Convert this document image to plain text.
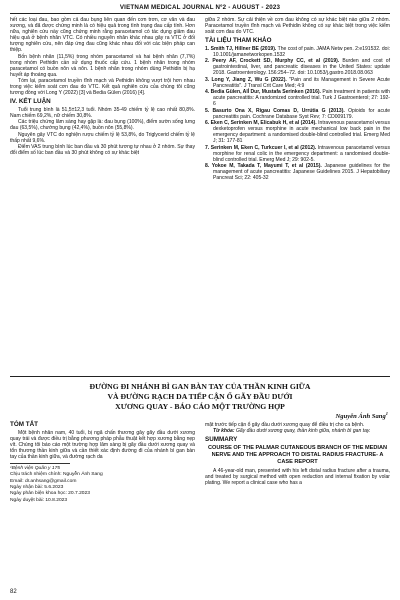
VIETNAM MEDICAL JOURNAL Nº2 - AUGUST - 2023

hết các loại đau, bao gồm cả đau bụng liên quan đến cơn trơn, cơ vân và đau xương, và đã được chứng minh là có hiệu quả trong tình trạng đau cấp tính. Hơn nữa, nghiên cứu này cũng chứng minh rằng paracetamol có tác dụng giảm đau hiệu quả ở bệnh nhân VTC. Có nhiều nguyên nhân khác nhau gây ra VTC ở đối tượng nghiên cứu, nên đáp ứng đau cũng khác nhau đối với các biện pháp can thiệp.

Bốn bệnh nhân (11,5%) trong nhóm paracetamol và hai bệnh nhân (7,7%) trong nhóm Pethidin cần sử dụng thuốc cấp cứu. 1 bệnh nhân trong nhóm paracetamol có buồn nôn và nôn. 1 bệnh nhân trong nhóm dùng Pethidin bị hạ huyết áp thoáng qua.

Tóm lại, paracetamol truyền tĩnh mạch và Pethidin không vượt trội hơn nhau trong việc kiểm soát cơn đau do VTC. Kết quả nghiên cứu của chúng tôi cũng tương đồng với Long Y (2022) [3] và Bedia Gülen (2016) [4].

IV. KẾT LUẬN

Tuổi trung bình là 51,5±12,3 tuổi. Nhóm 35-49 chiếm tỷ lệ cao nhất 80,8%. Nam chiếm 69,2%, nữ chiếm 30,8%.

Các triệu chứng lâm sàng hay gặp là: đau bụng (100%), điểm sườn sống lưng đau (63,5%), chướng bụng (42,4%), buồn nôn (55,8%).

Nguyên gây VTC do nghiện rượu chiếm tỷ lệ 53,8%, do Triglycerid chiếm tỷ lệ thấp nhất 9,6%.

Điểm VAS trung bình lúc ban đầu và 30 phút tương tự nhau ở 2 nhóm. Sự thay đổi điểm số lúc ban đầu và 30 phút không có sự khác biệt

giữa 2 nhóm. Sự cải thiện về cơn đau không có sự khác biệt nào giữa 2 nhóm. Paracetamol truyền tĩnh mạch và Pethidin không có sự khác biệt trong việc kiểm soát cơn đau do VTC.

TÀI LIỆU THAM KHẢO

1. Smith TJ, Hillner BE (2019). The cost of pain. JAMA Netw pen. 2:e191532. doi: 10.1001/jamanetworkopen.1532

2. Peery AF, Crockett SD, Murphy CC, et al (2019). Burden and cost of gastrointestinal, liver, and pancreatic diseases in the United States: update 2018. Gastroenterology. 156:254–72. doi: 10.1053/j.gastro.2018.08.063

3. Long Y, Jiang Z, Wu G (2022). "Pain and its Management in Severe Acute Pancreatitis". J Transl Crit Care Med; 4:9

4. Bedia Gülen, Alİ Dur, Mustafa Serinken (2016). Pain treatment in patients with acute pancreatitis: A randomized controlled trial. Turk J Gastroenterol; 27: 192-6

5. Basurto Ona X, Rigau Comas D, Urrútia G (2013). Opioids for acute pancreatitis pain. Cochrane Database Syst Rev; 7: CD009179.

6. Eken C, Serinken M, Elicabuk H, et al (2014). Intravenous paracetamol versus dexketoprofen versus morphine in acute mechanical low back pain in the emergency department: a randomised double-blind controlled trial. Emerg Med J; 31: 177-81

7. Serinken M, Eken C, Turkcuer I, et al (2012). Intravenous paracetamol versus morphine for renal colic in the emergency department: a randomised double-blind controlled trial. Emerg Med J; 29: 902-5.

8. Yokoe M, Takada T, Mayumi T, et al (2015). Japanese guidelines for the management of acute pancreatitis: Japanese Guidelines 2015. J Hepatobiliary Pancreat Sci; 22: 405-32

ĐƯỜNG ĐI NHÁNH BÌ GAN BÀN TAY CỦA THẦN KINH GIỮA
VÀ ĐƯỜNG RẠCH DA TIẾP CẬN Ổ GÃY ĐẦU DƯỚI
XƯƠNG QUAY - BÁO CÁO MỘT TRƯỜNG HỢP
Nguyễn Ánh Sang$^1$
TÓM TẮT

Một bệnh nhân nam, 40 tuổi, bị ngã chấn thương gây gãy đầu dưới xương quay trái và được điều trị bằng phương pháp phẫu thuật kết hợp xương bằng nẹp vít. Chúng tôi báo cáo một trường hợp lâm sàng bị gãy đầu dưới xương quay và tổn thương thần kinh giữa và cần thiết xác định đường đi của nhánh bì gan bàn tay của thần kinh giữa, và đường rạch da

¹Bệnh viện Quân y 175

Chịu trách nhiệm chính: Nguyễn Ánh Sang

Email: dr.anhsang@gmail.com

Ngày nhận bài: 5.6.2023

Ngày phản biện khoa học: 20.7.2023

Ngày duyệt bài: 10.8.2023

mặt trước tiếp cận ổ gãy đầu dưới xương quay để điều trị cho ca bệnh.

Từ khóa: Gãy đầu dưới xương quay, thần kinh giữa, nhánh bì gan tay.

SUMMARY
COURSE OF THE PALMAR CUTANEOUS BRANCH OF THE MEDIAN NERVE AND THE APPROACH TO DISTAL RADIUS FRACTURE- A CASE REPORT

A 46-year-old man, presented with his left distal radius fracture after a trauma, and treated by surgical method with open reduction and internal fixation by volar plating. We report a clinical case who has a

82
